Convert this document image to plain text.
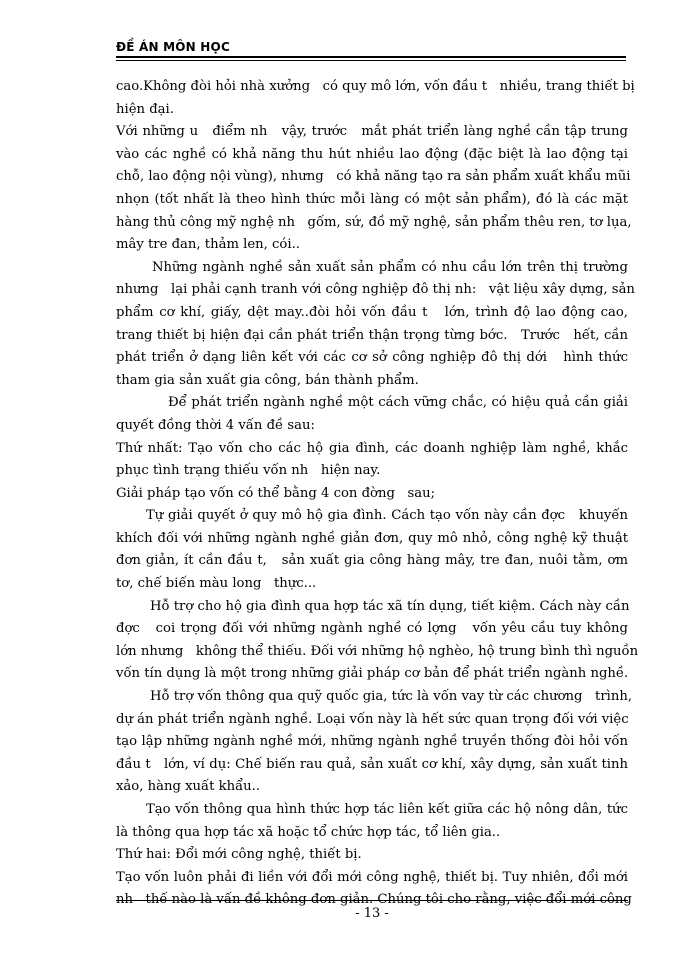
ĐỀ ÁN MÔN HỌC
cao.Không đòi hỏi nhà xưởng   có quy mô lớn, vốn đầu t   nhiều, trang thiết bị
hiện đại.
Với những u   điểm nh   vậy, trước   mắt phát triển làng nghề cần tập trung
vào các nghề có khả năng thu hút nhiều lao động (đặc biệt là lao động tại
chỗ, lao động nội vùng), nhưng   có khả năng tạo ra sản phẩm xuất khẩu mũi
nhọn (tốt nhất là theo hình thức mỗi làng có một sản phẩm), đó là các mặt
hàng thủ công mỹ nghệ nh   gốm, sứ, đồ mỹ nghệ, sản phẩm thêu ren, tơ lụa,
mây tre đan, thảm len, cói..
Những ngành nghề sản xuất sản phẩm có nhu cầu lớn trên thị trường
nhưng   lại phải cạnh tranh với công nghiệp đô thị nh:   vật liệu xây dựng, sản
phẩm cơ khí, giấy, dệt may..đòi hỏi vốn đầu t   lớn, trình độ lao động cao,
trang thiết bị hiện đại cần phát triển thận trọng từng bớc.   Trước   hết, cần
phát triển ở dạng liên kết với các cơ sở công nghiệp đô thị dới   hình thức
tham gia sản xuất gia công, bán thành phẩm.
Để phát triển ngành nghề một cách vững chắc, có hiệu quả cần giải
quyết đồng thời 4 vấn đề sau:
Thứ nhất: Tạo vốn cho các hộ gia đình, các doanh nghiệp làm nghề, khắc
phục tình trạng thiếu vốn nh   hiện nay.
Giải pháp tạo vốn có thể bằng 4 con đờng   sau;
Tự giải quyết ở quy mô hộ gia đình. Cách tạo vốn này cần đợc   khuyến
khích đối với những ngành nghề giản đơn, quy mô nhỏ, công nghệ kỹ thuật
đơn giản, ít cần đầu t,   sản xuất gia công hàng mây, tre đan, nuôi tằm, ơm
tơ, chế biến màu long   thực...
Hỗ trợ cho hộ gia đình qua hợp tác xã tín dụng, tiết kiệm. Cách này cần
đợc   coi trọng đối với những ngành nghề có lợng   vốn yêu cầu tuy không
lớn nhưng   không thể thiếu. Đối với những hộ nghèo, hộ trung bình thì nguồn
vốn tín dụng là một trong những giải pháp cơ bản để phát triển ngành nghề.
Hỗ trợ vốn thông qua quỹ quốc gia, tức là vốn vay từ các chương   trình,
dự án phát triển ngành nghề. Loại vốn này là hết sức quan trọng đối với việc
tạo lập những ngành nghề mới, những ngành nghề truyền thống đòi hỏi vốn
đầu t   lớn, ví dụ: Chế biến rau quả, sản xuất cơ khí, xây dựng, sản xuất tinh
xảo, hàng xuất khẩu..
Tạo vốn thông qua hình thức hợp tác liên kết giữa các hộ nông dân, tức
là thông qua hợp tác xã hoặc tổ chức hợp tác, tổ liên gia..
Thứ hai: Đổi mới công nghệ, thiết bị.
Tạo vốn luôn phải đi liền với đổi mới công nghệ, thiết bị. Tuy nhiên, đổi mới
nh   thế nào là vấn đề không đơn giản. Chúng tôi cho rằng, việc đổi mới công
- 13 -
